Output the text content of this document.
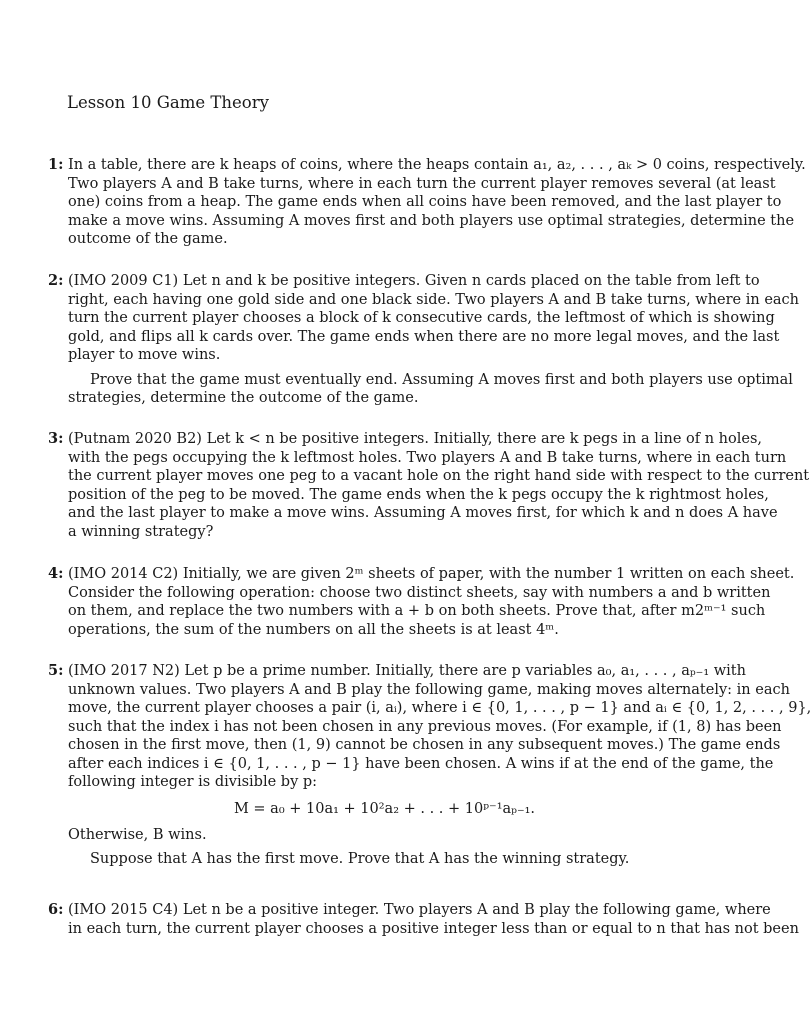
Lesson 10 Game Theory
1: In a table, there are k heaps of coins, where the heaps contain a₁, a₂, . . . , aₖ > 0 coins, respectively.
Two players A and B take turns, where in each turn the current player removes several (at least
one) coins from a heap. The game ends when all coins have been removed, and the last player to
make a move wins. Assuming A moves first and both players use optimal strategies, determine the
outcome of the game.
2: (IMO 2009 C1) Let n and k be positive integers. Given n cards placed on the table from left to
right, each having one gold side and one black side. Two players A and B take turns, where in each
turn the current player chooses a block of k consecutive cards, the leftmost of which is showing
gold, and flips all k cards over. The game ends when there are no more legal moves, and the last
player to move wins.
Prove that the game must eventually end. Assuming A moves first and both players use optimal
strategies, determine the outcome of the game.
3: (Putnam 2020 B2) Let k < n be positive integers. Initially, there are k pegs in a line of n holes,
with the pegs occupying the k leftmost holes. Two players A and B take turns, where in each turn
the current player moves one peg to a vacant hole on the right hand side with respect to the current
position of the peg to be moved. The game ends when the k pegs occupy the k rightmost holes,
and the last player to make a move wins. Assuming A moves first, for which k and n does A have
a winning strategy?
4: (IMO 2014 C2) Initially, we are given 2ᵐ sheets of paper, with the number 1 written on each sheet.
Consider the following operation: choose two distinct sheets, say with numbers a and b written
on them, and replace the two numbers with a + b on both sheets. Prove that, after m2ᵐ⁻¹ such
operations, the sum of the numbers on all the sheets is at least 4ᵐ.
5: (IMO 2017 N2) Let p be a prime number. Initially, there are p variables a₀, a₁, . . . , aₚ₋₁ with
unknown values. Two players A and B play the following game, making moves alternately: in each
move, the current player chooses a pair (i, aᵢ), where i ∈ {0, 1, . . . , p − 1} and aᵢ ∈ {0, 1, 2, . . . , 9},
such that the index i has not been chosen in any previous moves. (For example, if (1, 8) has been
chosen in the first move, then (1, 9) cannot be chosen in any subsequent moves.) The game ends
after each indices i ∈ {0, 1, . . . , p − 1} have been chosen. A wins if at the end of the game, the
following integer is divisible by p:
M = a₀ + 10a₁ + 10²a₂ + . . . + 10ᵖ⁻¹aₚ₋₁.
Otherwise, B wins.
Suppose that A has the first move. Prove that A has the winning strategy.
6: (IMO 2015 C4) Let n be a positive integer. Two players A and B play the following game, where
in each turn, the current player chooses a positive integer less than or equal to n that has not been
